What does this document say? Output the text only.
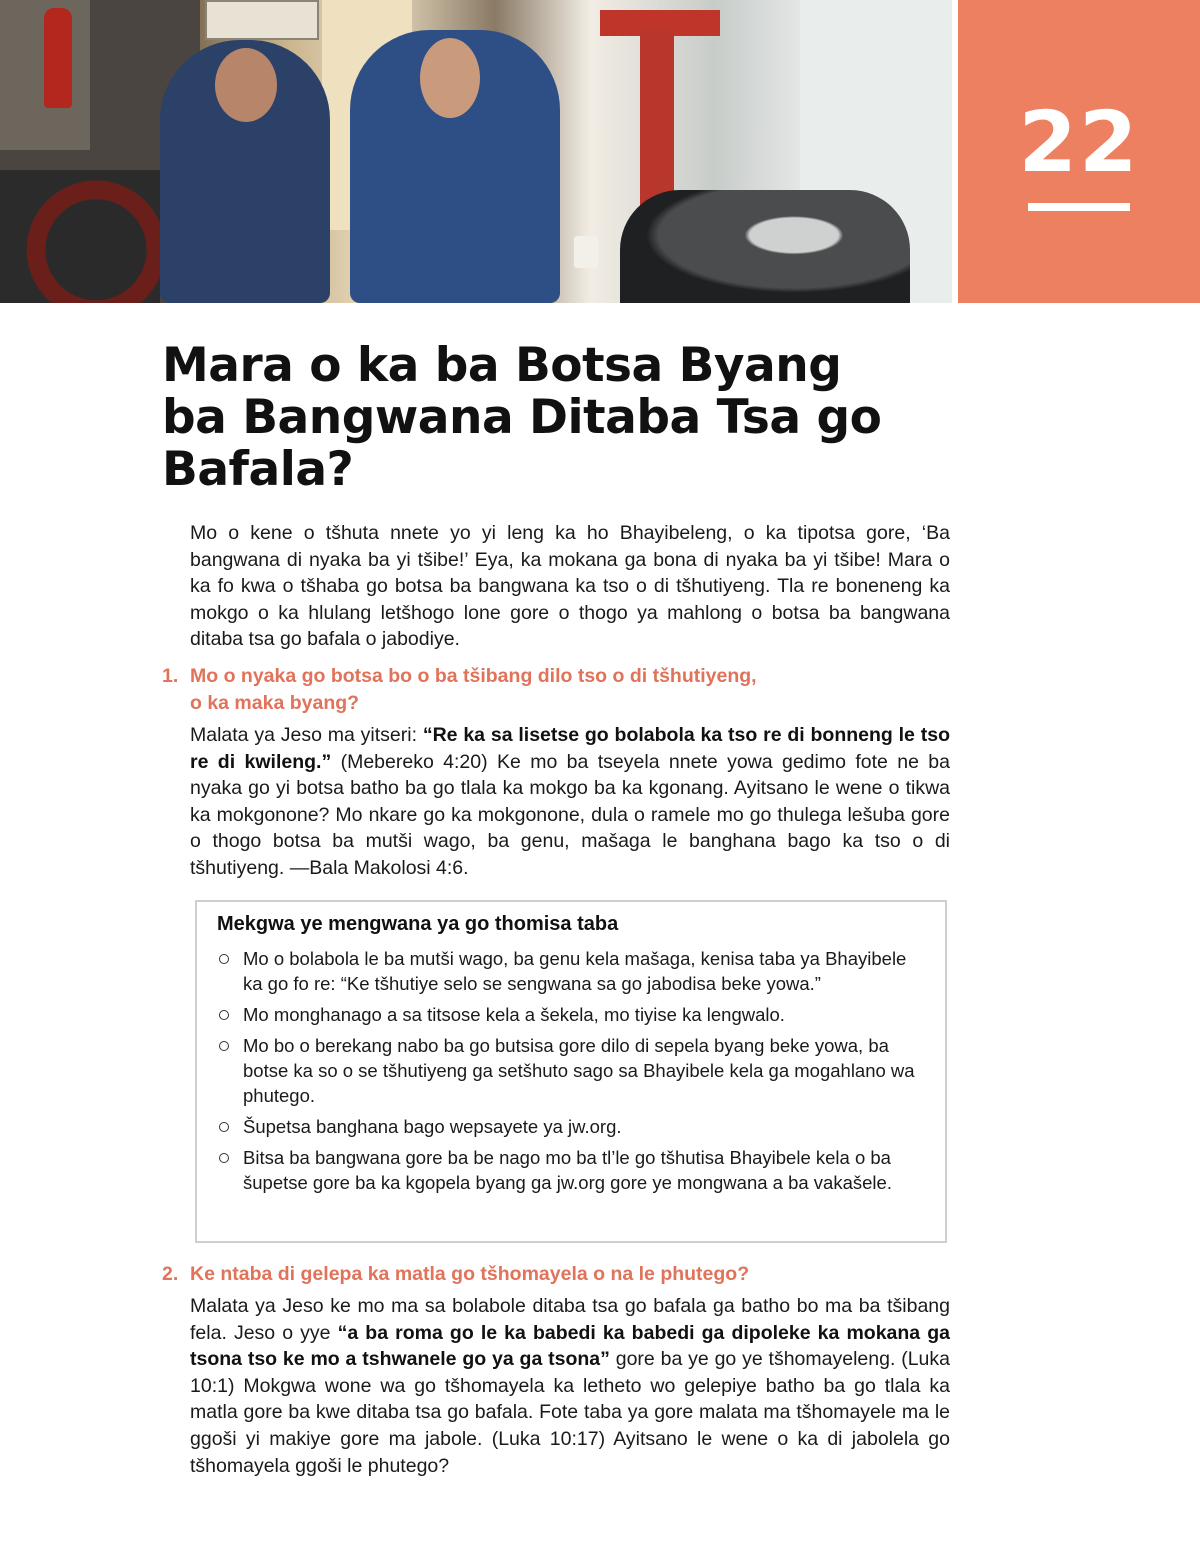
22
Mara o ka ba Botsa Byang ba Bangwana Ditaba Tsa go Bafala?

Mo o kene o tšhuta nnete yo yi leng ka ho Bhayibeleng, o ka tipotsa gore, ‘Ba bangwana di nyaka ba yi tšibe!’ Eya, ka mokana ga bona di nyaka ba yi tšibe! Mara o ka fo kwa o tšhaba go botsa ba bangwana ka tso o di tšhutiyeng. Tla re boneneng ka mokgo o ka hlulang letšhogo lone gore o thogo ya mahlong o botsa ba bangwana ditaba tsa go bafala o jabodiye.

1. Mo o nyaka go botsa bo o ba tšibang dilo tso o di tšhutiyeng,
o ka maka byang?

Malata ya Jeso ma yitseri: “Re ka sa lisetse go bolabola ka tso re di bonneng le tso re di kwileng.” (Mebereko 4:20) Ke mo ba tseyela nnete yowa gedimo fote ne ba nyaka go yi botsa batho ba go tlala ka mokgo ba ka kgonang. Ayitsano le wene o tikwa ka mokgonone? Mo nkare go ka mokgonone, dula o ramele mo go thulega lešuba gore o thogo botsa ba mutši wago, ba genu, mašaga le banghana bago ka tso o di tšhutiyeng. —Bala Makolosi 4:6.

Mekgwa ye mengwana ya go thomisa taba
Mo o bolabola le ba mutši wago, ba genu kela mašaga, kenisa taba ya Bhayibele ka go fo re: “Ke tšhutiye selo se sengwana sa go jabodisa beke yowa.”
Mo monghanago a sa titsose kela a šekela, mo tiyise ka lengwalo.
Mo bo o berekang nabo ba go butsisa gore dilo di sepela byang beke yowa, ba botse ka so o se tšhutiyeng ga setšhuto sago sa Bhayibele kela ga mogahlano wa phutego.
Šupetsa banghana bago wepsayete ya jw.org.
Bitsa ba bangwana gore ba be nago mo ba tl’le go tšhutisa Bhayibele kela o ba šupetse gore ba ka kgopela byang ga jw.org gore ye mongwana a ba vakašele.
2. Ke ntaba di gelepa ka matla go tšhomayela o na le phutego?

Malata ya Jeso ke mo ma sa bolabole ditaba tsa go bafala ga batho bo ma ba tšibang fela. Jeso o yye “a ba roma go le ka babedi ka babedi ga dipoleke ka mokana ga tsona tso ke mo a tshwanele go ya ga tsona” gore ba ye go ye tšhomayeleng. (Luka 10:1) Mokgwa wone wa go tšhomayela ka letheto wo gelepiye batho ba go tlala ka matla gore ba kwe ditaba tsa go bafala. Fote taba ya gore malata ma tšhomayele ma le ggoši yi makiye gore ma jabole. (Luka 10:17) Ayitsano le wene o ka di jabolela go tšhomayela ggoši le phutego?
